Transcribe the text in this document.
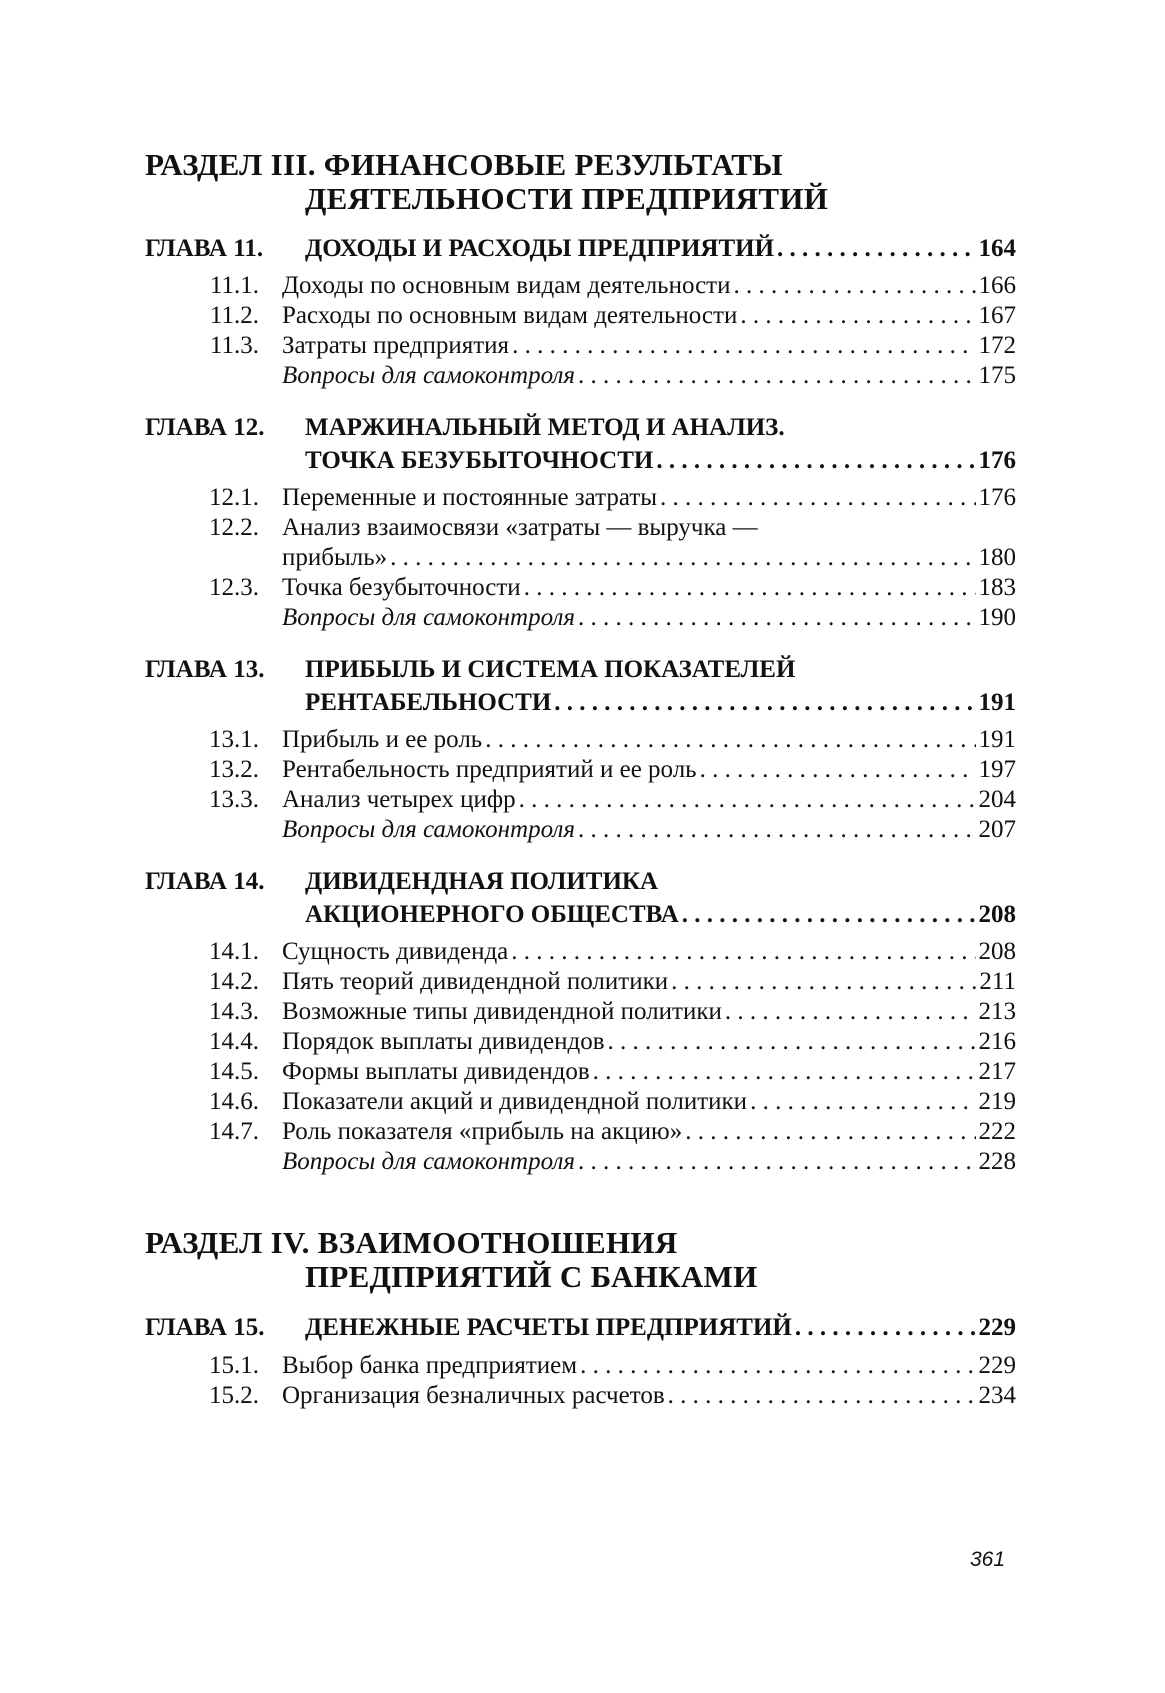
РАЗДЕЛ III. ФИНАНСОВЫЕ РЕЗУЛЬТАТЫ
ДЕЯТЕЛЬНОСТИ ПРЕДПРИЯТИЙ
ГЛАВА 11. ДОХОДЫ И РАСХОДЫ ПРЕДПРИЯТИЙ . . .	164
11.1. Доходы по основным видам деятельности . . .	166
11.2. Расходы по основным видам деятельности . . .	167
11.3. Затраты предприятия . . .	172
Вопросы для самоконтроля . . .	175
ГЛАВА 12. МАРЖИНАЛЬНЫЙ МЕТОД И АНАЛИЗ.
ТОЧКА БЕЗУБЫТОЧНОСТИ . . .	176
12.1. Переменные и постоянные затраты . . .	176
12.2. Анализ взаимосвязи «затраты — выручка —
прибыль» . . .	180
12.3. Точка безубыточности . . .	183
Вопросы для самоконтроля . . .	190
ГЛАВА 13. ПРИБЫЛЬ И СИСТЕМА ПОКАЗАТЕЛЕЙ
РЕНТАБЕЛЬНОСТИ . . .	191
13.1. Прибыль и ее роль . . .	191
13.2. Рентабельность предприятий и ее роль . . .	197
13.3. Анализ четырех цифр . . .	204
Вопросы для самоконтроля . . .	207
ГЛАВА 14. ДИВИДЕНДНАЯ ПОЛИТИКА
АКЦИОНЕРНОГО ОБЩЕСТВА . . .	208
14.1. Сущность дивиденда . . .	208
14.2. Пять теорий дивидендной политики . . .	211
14.3. Возможные типы дивидендной политики . . .	213
14.4. Порядок выплаты дивидендов . . .	216
14.5. Формы выплаты дивидендов . . .	217
14.6. Показатели акций и дивидендной политики . . .	219
14.7. Роль показателя «прибыль на акцию» . . .	222
Вопросы для самоконтроля . . .	228
РАЗДЕЛ IV. ВЗАИМООТНОШЕНИЯ
ПРЕДПРИЯТИЙ С БАНКАМИ
ГЛАВА 15. ДЕНЕЖНЫЕ РАСЧЕТЫ ПРЕДПРИЯТИЙ . . .	229
15.1. Выбор банка предприятием . . .	229
15.2. Организация безналичных расчетов . . .	234
361
